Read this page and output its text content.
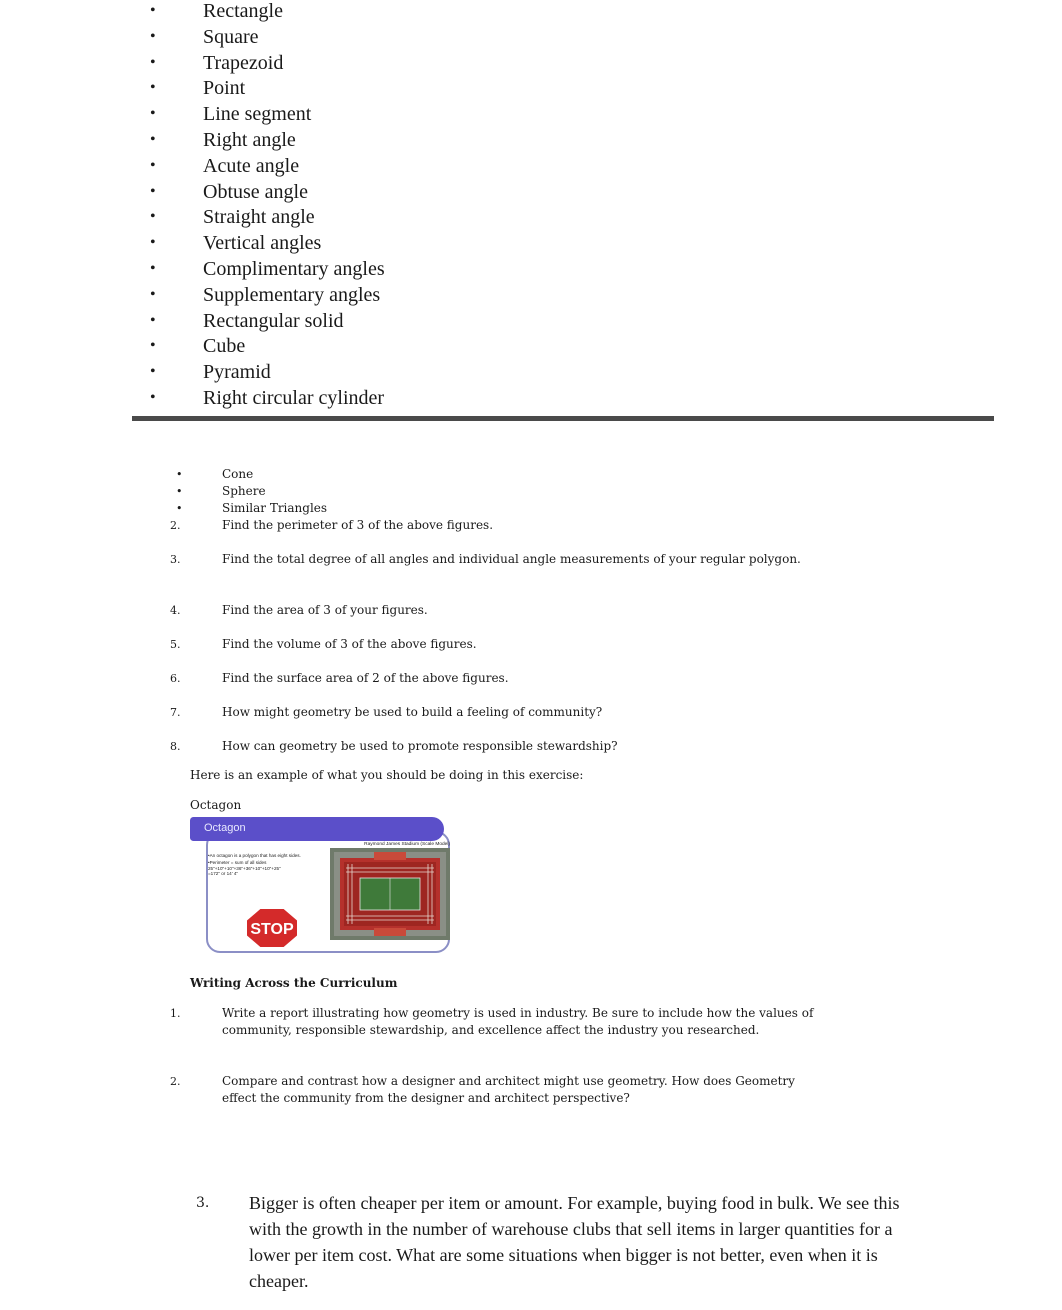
• Rectangle
• Square
• Trapezoid
• Point
• Line segment
• Right angle
• Acute angle
• Obtuse angle
• Straight angle
• Vertical angles
• Complimentary angles
• Supplementary angles
• Rectangular solid
• Cube
• Pyramid
• Right circular cylinder
•	Cone
•	Sphere
•	Similar Triangles
2.	Find the perimeter of 3 of the above figures.
3.	Find the total degree of all angles and individual angle measurements of your regular polygon.
4.	Find the area of 3 of your figures.
5.	Find the volume of 3 of the above figures.
6.	Find the surface area of 2 of the above figures.
7.	How might geometry be used to build a feeling of community?
8.	How can geometry be used to promote responsible stewardship?
Here is an example of what you should be doing in this exercise:
Octagon
Octagon
•An octagon is a polygon that has eight sides.
•Perimeter = sum of all sides
25"+10"+10"+36"+36"+10"+10"+25"
=172" or 14' 4"
Raymond James Stadium (Scale Model)
STOP
Writing Across the Curriculum
1.	Write a report illustrating how geometry is used in industry. Be sure to include how the values of community, responsible stewardship, and excellence affect the industry you researched.
2.	Compare and contrast how a designer and architect might use geometry. How does Geometry effect the community from the designer and architect perspective?
3. Bigger is often cheaper per item or amount. For example, buying food in bulk. We see this with the growth in the number of warehouse clubs that sell items in larger quantities for a lower per item cost. What are some situations when bigger is not better, even when it is cheaper.
